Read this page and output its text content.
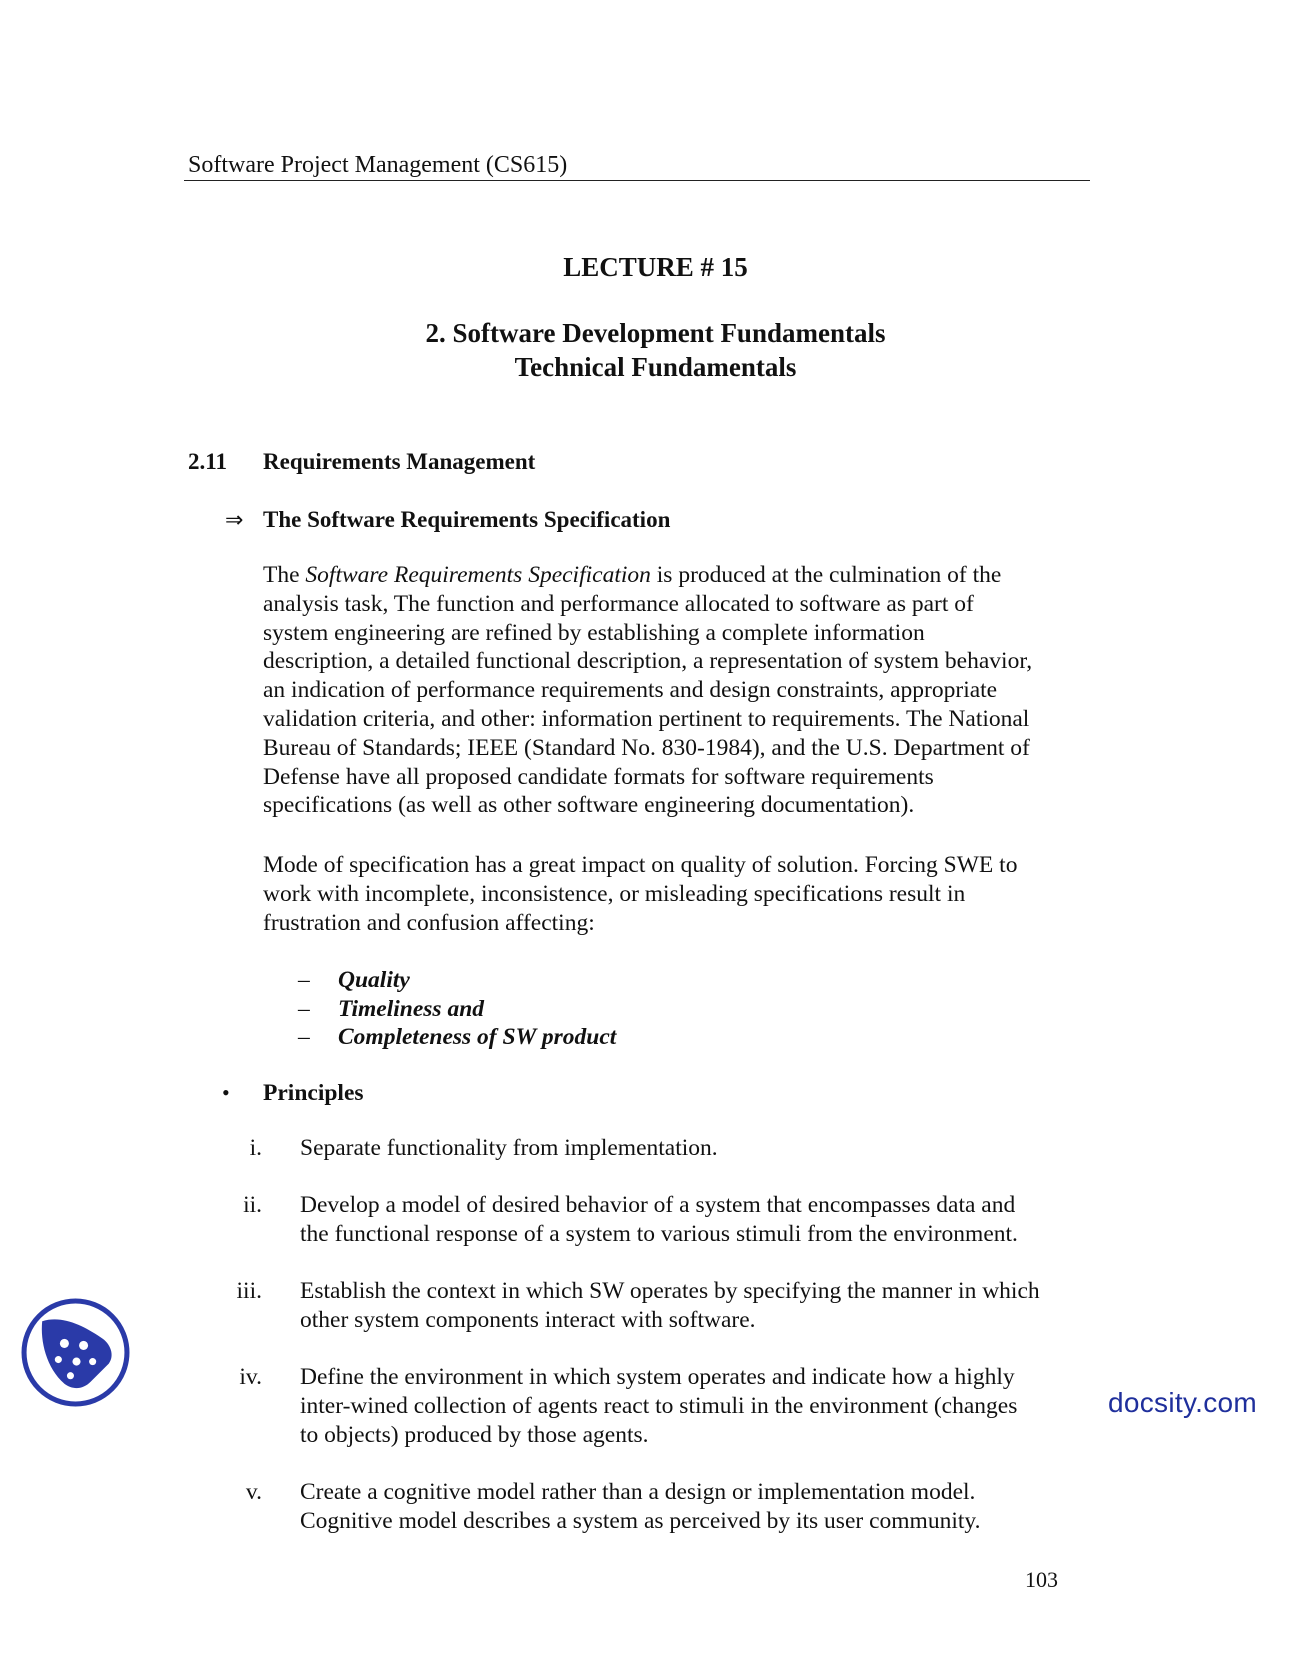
Software Project Management (CS615)
LECTURE # 15
2. Software Development Fundamentals
Technical Fundamentals
2.11 Requirements Management
⇒ The Software Requirements Specification
The Software Requirements Specification is produced at the culmination of the
analysis task, The function and performance allocated to software as part of
system engineering are refined by establishing a complete information
description, a detailed functional description, a representation of system behavior,
an indication of performance requirements and design constraints, appropriate
validation criteria, and other: information pertinent to requirements. The National
Bureau of Standards; IEEE (Standard No. 830-1984), and the U.S. Department of
Defense have all proposed candidate formats for software requirements
specifications (as well as other software engineering documentation).
Mode of specification has a great impact on quality of solution. Forcing SWE to
work with incomplete, inconsistence, or misleading specifications result in
frustration and confusion affecting:
– Quality
– Timeliness and
– Completeness of SW product
• Principles
i. Separate functionality from implementation.
ii. Develop a model of desired behavior of a system that encompasses data and
the functional response of a system to various stimuli from the environment.
iii. Establish the context in which SW operates by specifying the manner in which
other system components interact with software.
iv. Define the environment in which system operates and indicate how a highly
inter-wined collection of agents react to stimuli in the environment (changes
to objects) produced by those agents.
v. Create a cognitive model rather than a design or implementation model.
Cognitive model describes a system as perceived by its user community.
docsity.com
103
